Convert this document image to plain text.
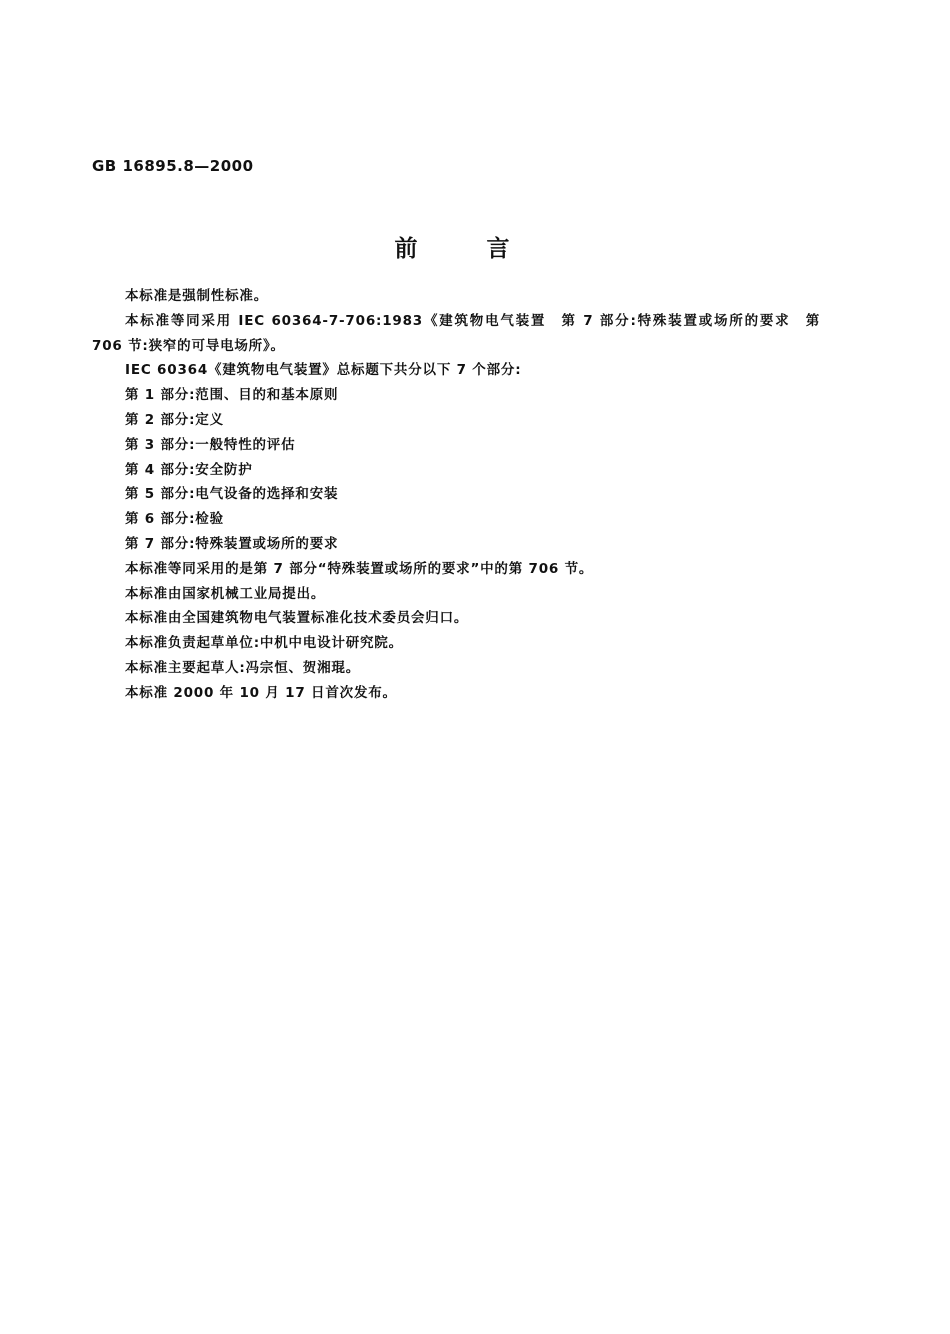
GB 16895.8—2000
前	言

本标准是强制性标准。

本标准等同采用 IEC 60364-7-706:1983《建筑物电气装置　第 7 部分:特殊装置或场所的要求　第 706 节:狭窄的可导电场所》。

IEC 60364《建筑物电气装置》总标题下共分以下 7 个部分:

第 1 部分:范围、目的和基本原则

第 2 部分:定义

第 3 部分:一般特性的评估

第 4 部分:安全防护

第 5 部分:电气设备的选择和安装

第 6 部分:检验

第 7 部分:特殊装置或场所的要求

本标准等同采用的是第 7 部分“特殊装置或场所的要求”中的第 706 节。

本标准由国家机械工业局提出。

本标准由全国建筑物电气装置标准化技术委员会归口。

本标准负责起草单位:中机中电设计研究院。

本标准主要起草人:冯宗恒、贺湘琨。

本标准 2000 年 10 月 17 日首次发布。
